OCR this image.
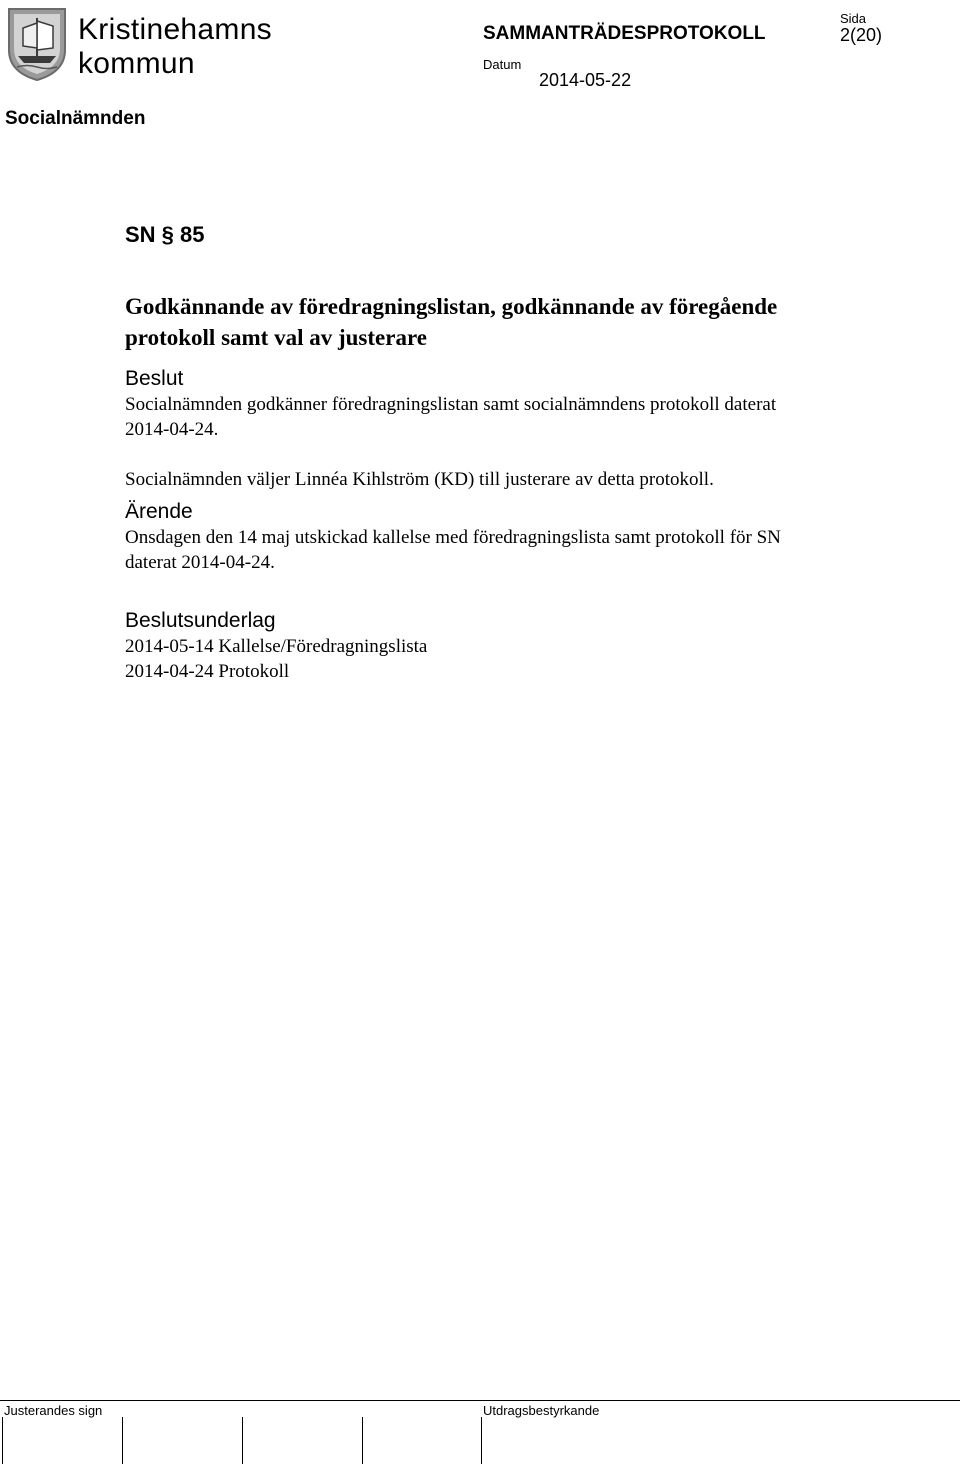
Kristinehamns
kommun
SAMMANTRÄDESPROTOKOLL
Sida
2(20)
Datum
2014-05-22
Socialnämnden
SN § 85
Godkännande av föredragningslistan, godkännande av föregående protokoll samt val av justerare
Beslut
Socialnämnden godkänner föredragningslistan samt socialnämndens protokoll daterat 2014-04-24.
Socialnämnden väljer Linnéa Kihlström (KD) till justerare av detta protokoll.
Ärende
Onsdagen den 14 maj utskickad kallelse med föredragningslista samt protokoll för SN daterat 2014-04-24.
Beslutsunderlag
2014-05-14 Kallelse/Föredragningslista
2014-04-24 Protokoll
Justerandes sign	Utdragsbestyrkande
